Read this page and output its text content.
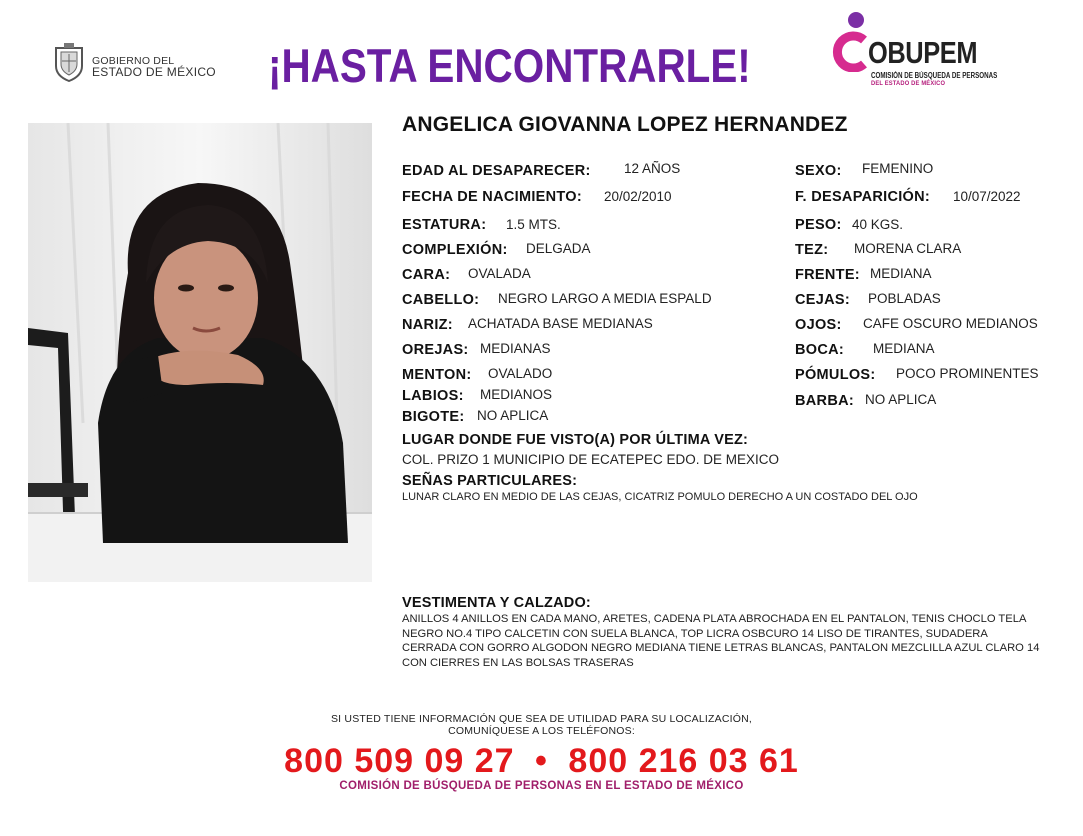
GOBIERNO DEL
ESTADO DE MÉXICO ¡HASTA ENCONTRARLE!	OBUPEM
COMISIÓN DE BÚSQUEDA DE PERSONAS
DEL ESTADO DE MÉXICO
ANGELICA GIOVANNA LOPEZ HERNANDEZ
EDAD AL DESAPARECER: 12 AÑOS
FECHA DE NACIMIENTO: 20/02/2010
ESTATURA: 1.5 MTS.
COMPLEXIÓN: DELGADA
CARA: OVALADA
CABELLO: NEGRO LARGO A MEDIA ESPALD
NARIZ: ACHATADA BASE MEDIANAS
OREJAS: MEDIANAS
MENTON: OVALADO
LABIOS: MEDIANOS
BIGOTE: NO APLICA
SEXO: FEMENINO
F. DESAPARICIÓN: 10/07/2022
PESO: 40 KGS.
TEZ: MORENA CLARA
FRENTE: MEDIANA
CEJAS: POBLADAS
OJOS: CAFE OSCURO MEDIANOS
BOCA: MEDIANA
PÓMULOS: POCO PROMINENTES
BARBA: NO APLICA
LUGAR DONDE FUE VISTO(A) POR ÚLTIMA VEZ:
COL. PRIZO 1 MUNICIPIO DE ECATEPEC EDO. DE MEXICO
SEÑAS PARTICULARES:
LUNAR CLARO EN MEDIO DE LAS CEJAS, CICATRIZ POMULO DERECHO A UN COSTADO DEL OJO
VESTIMENTA Y CALZADO:
ANILLOS 4 ANILLOS EN CADA MANO, ARETES, CADENA PLATA ABROCHADA EN EL PANTALON, TENIS CHOCLO TELA NEGRO NO.4 TIPO CALCETIN CON SUELA BLANCA, TOP LICRA OSBCURO 14 LISO DE TIRANTES, SUDADERA CERRADA CON GORRO ALGODON NEGRO MEDIANA TIENE LETRAS BLANCAS, PANTALON MEZCLILLA AZUL CLARO 14 CON CIERRES EN LAS BOLSAS TRASERAS
SI USTED TIENE INFORMACIÓN QUE SEA DE UTILIDAD PARA SU LOCALIZACIÓN,
COMUNÍQUESE A LOS TELÉFONOS:
800 509 09 27 • 800 216 03 61
COMISIÓN DE BÚSQUEDA DE PERSONAS EN EL ESTADO DE MÉXICO
